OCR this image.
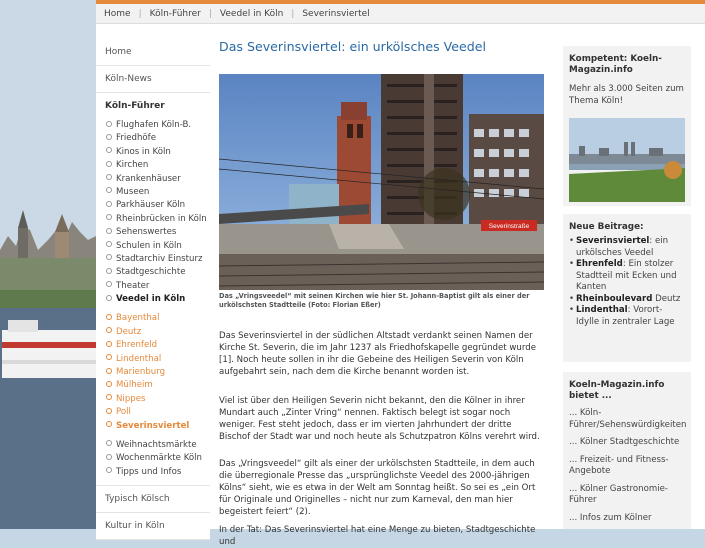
Home | Köln-Führer | Veedel in Köln | Severinsviertel
Home
Köln-News
Köln-Führer
Flughafen Köln-B.
Friedhöfe
Kinos in Köln
Kirchen
Krankenhäuser
Museen
Parkhäuser Köln
Rheinbrücken in Köln
Sehenswertes
Schulen in Köln
Stadtarchiv Einsturz
Stadtgeschichte
Theater
Veedel in Köln
Bayenthal
Deutz
Ehrenfeld
Lindenthal
Marienburg
Mülheim
Nippes
Poll
Severinsviertel
Weihnachtsmärkte
Wochenmärkte Köln
Tipps und Infos
Typisch Kölsch
Kultur in Köln
Das Severinsviertel: ein urkölsches Veedel
Severinstraße
Das „Vringsveedel“ mit seinen Kirchen wie hier St. Johann-Baptist gilt als einer der urkölschsten Stadtteile (Foto: Florian Eßer)

Das Severinsviertel in der südlichen Altstadt verdankt seinen Namen der Kirche St. Severin, die im Jahr 1237 als Friedhofskapelle gegründet wurde [1]. Noch heute sollen in ihr die Gebeine des Heiligen Severin von Köln aufgebahrt sein, nach dem die Kirche benannt worden ist.

Viel ist über den Heiligen Severin nicht bekannt, den die Kölner in ihrer Mundart auch „Zinter Vring“ nennen. Faktisch belegt ist sogar noch weniger. Fest steht jedoch, dass er im vierten Jahrhundert der dritte Bischof der Stadt war und noch heute als Schutzpatron Kölns verehrt wird.

Das „Vringsveedel“ gilt als einer der urkölschsten Stadtteile, in dem auch die überregionale Presse das „ursprünglichste Veedel des 2000-jährigen Kölns“ sieht, wie es etwa in der Welt am Sonntag heißt. So sei es „ein Ort für Originale und Originelles – nicht nur zum Karneval, den man hier begeistert feiert“ (2).

In der Tat: Das Severinsviertel hat eine Menge zu bieten, Stadtgeschichte und

Kompetent: Koeln-Magazin.info

Mehr als 3.000 Seiten zum Thema Köln!

Neue Beitrage:
• Severinsviertel: ein urkölsches Veedel
• Ehrenfeld: Ein stolzer Stadtteil mit Ecken und Kanten
• Rheinboulevard Deutz
• Lindenthal: Vorort-Idylle in zentraler Lage
Koeln-Magazin.info bietet ...

... Köln-Führer/Sehenswürdigkeiten

... Kölner Stadtgeschichte

... Freizeit- und Fitness-Angebote

... Kölner Gastronomie-Führer

... Infos zum Kölner
